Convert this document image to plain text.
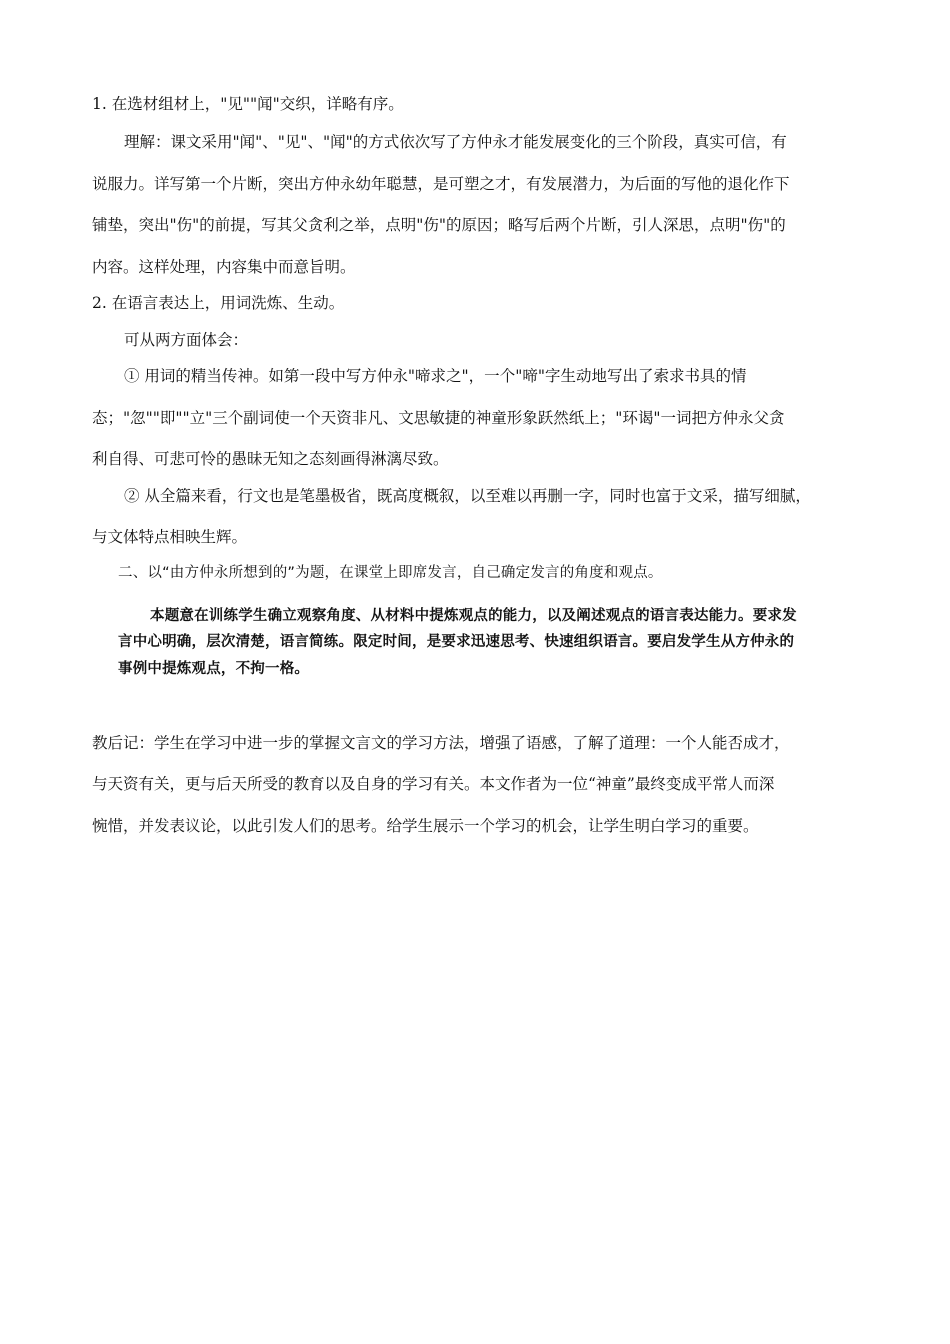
1. 在选材组材上，"见""闻"交织，详略有序。
理解：课文采用"闻"、"见"、"闻"的方式依次写了方仲永才能发展变化的三个阶段，真实可信，有
说服力。详写第一个片断，突出方仲永幼年聪慧，是可塑之才，有发展潜力，为后面的写他的退化作下
铺垫，突出"伤"的前提，写其父贪利之举，点明"伤"的原因；略写后两个片断，引人深思，点明"伤"的
内容。这样处理，内容集中而意旨明。
2. 在语言表达上，用词洗炼、生动。
可从两方面体会：
① 用词的精当传神。如第一段中写方仲永"啼求之"，一个"啼"字生动地写出了索求书具的情
态；"忽""即""立"三个副词使一个天资非凡、文思敏捷的神童形象跃然纸上；"环谒"一词把方仲永父贪
利自得、可悲可怜的愚昧无知之态刻画得淋漓尽致。
② 从全篇来看，行文也是笔墨极省，既高度概叙，以至难以再删一字，同时也富于文采，描写细腻，
与文体特点相映生辉。
二、以“由方仲永所想到的”为题，在课堂上即席发言，自己确定发言的角度和观点。
本题意在训练学生确立观察角度、从材料中提炼观点的能力，以及阐述观点的语言表达能力。要求发
言中心明确，层次清楚，语言简练。限定时间，是要求迅速思考、快速组织语言。要启发学生从方仲永的
事例中提炼观点，不拘一格。
教后记：学生在学习中进一步的掌握文言文的学习方法，增强了语感，了解了道理：一个人能否成才，
与天资有关，更与后天所受的教育以及自身的学习有关。本文作者为一位“神童”最终变成平常人而深
惋惜，并发表议论，以此引发人们的思考。给学生展示一个学习的机会，让学生明白学习的重要。
